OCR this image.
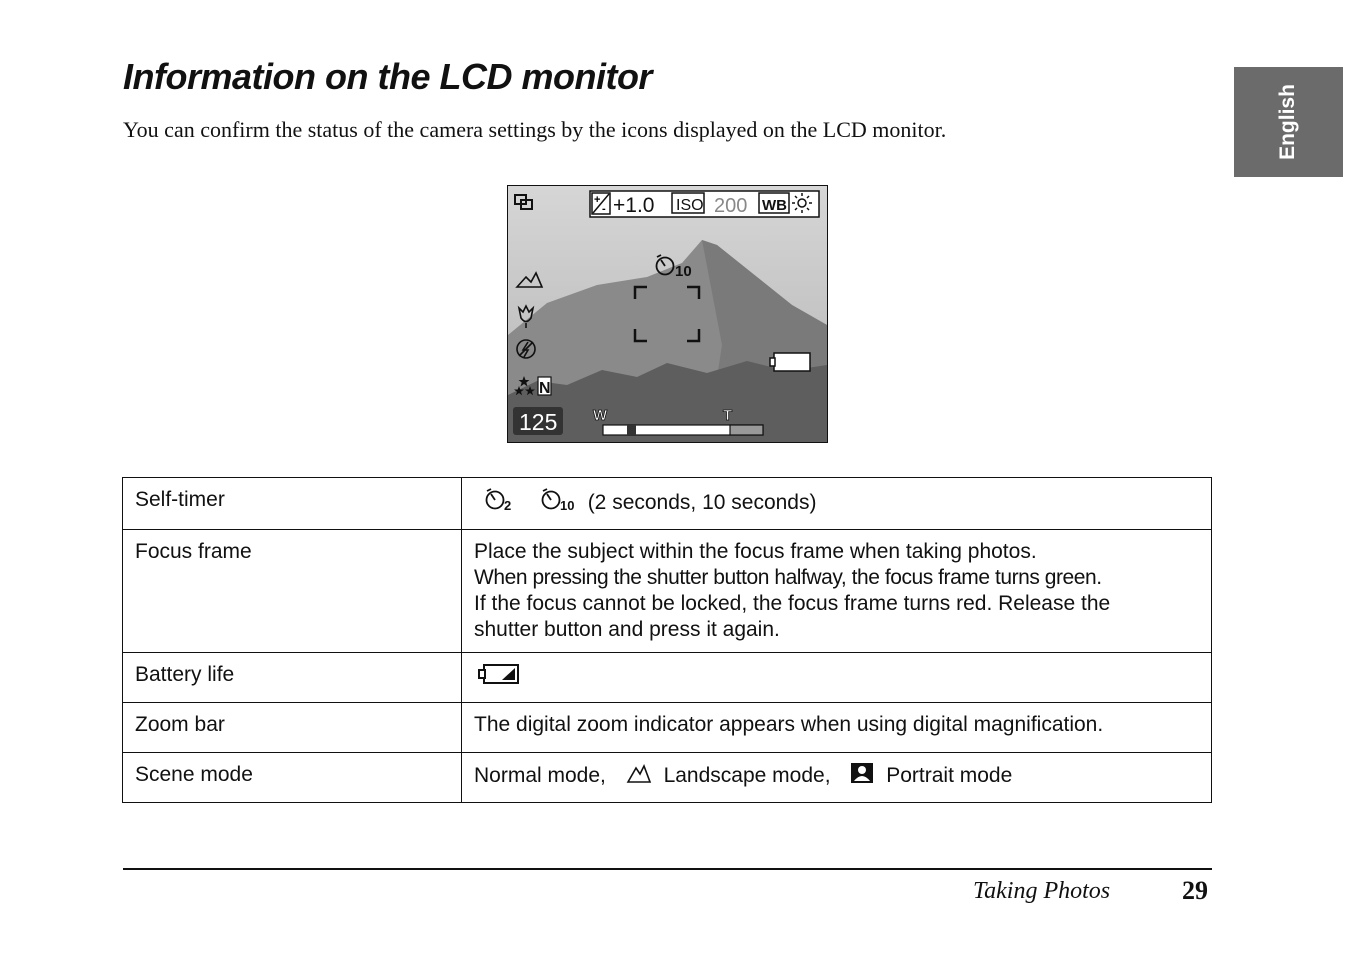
Information on the LCD monitor

You can confirm the status of the camera settings by the icons displayed on the LCD monitor.	English
+
- +1.0 ISO 200 WB
10
N
125 W	T
Self-timer	2
10 (2 seconds, 10 seconds)
Focus frame	Place the subject within the focus frame when taking photos.
When pressing the shutter button halfway, the focus frame turns green.
If the focus cannot be locked, the focus frame turns red. Release the
shutter button and press it again.

Battery life	
Zoom bar	The digital zoom indicator appears when using digital magnification.
Scene mode	Normal mode, Landscape mode, Portrait mode
Taking Photos	29
